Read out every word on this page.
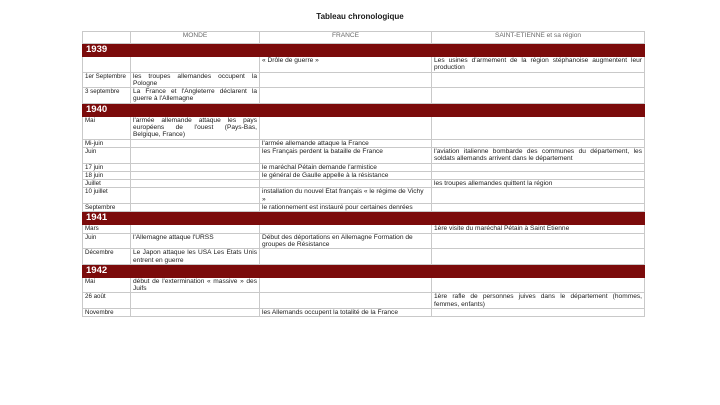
Tableau chronologique
	MONDE	FRANCE	SAINT-ETIENNE et sa région
1939			
		« Drôle de guerre »	Les usines d'armement de la région stéphanoise augmentent leur production
1er Septembre	les troupes allemandes occupent la Pologne		
3 septembre	La France et l'Angleterre déclarent la guerre à l'Allemagne		
1940			
Mai	l'armée allemande attaque les pays européens de l'ouest (Pays-Bas, Belgique, France)		
Mi-juin		l'armée allemande attaque la France	
Juin		les Français perdent la bataille de France	l'aviation italienne bombarde des communes du département, les soldats allemands arrivent dans le département
17 juin		le maréchal Pétain demande l'armistice	
18 juin		le général de Gaulle appelle à la résistance	
Juillet			les troupes allemandes quittent la région
10 juillet		installation du nouvel Etat français « le régime de Vichy »	
Septembre		le rationnement est instauré pour certaines denrées	
1941			
Mars			1ère visite du maréchal Pétain à Saint Etienne
Juin	l'Allemagne attaque l'URSS	Début des déportations en Allemagne Formation de groupes de Résistance	
Décembre	Le Japon attaque les USA Les Etats Unis entrent en guerre		
1942			
Mai	début de l'extermination « massive » des Juifs		
26 août			1ère rafle de personnes juives dans le département (hommes, femmes, enfants)
Novembre		les Allemands occupent la totalité de la France	
